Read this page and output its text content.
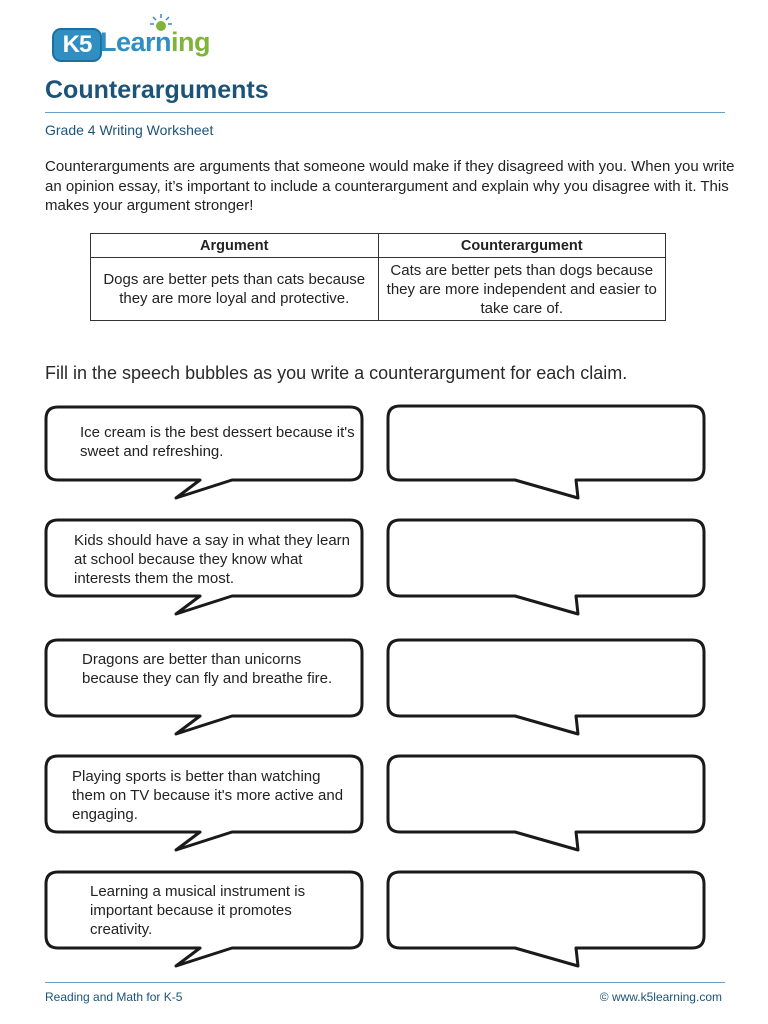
K5 Learning
Counterarguments
Grade 4 Writing Worksheet

Counterarguments are arguments that someone would make if they disagreed with you. When you write an opinion essay, it’s important to include a counterargument and explain why you disagree with it. This makes your argument stronger!

Argument	Counterargument
Dogs are better pets than cats because they are more loyal and protective.	Cats are better pets than dogs because they are more independent and easier to take care of.

Fill in the speech bubbles as you write a counterargument for each claim.

Ice cream is the best dessert because it's sweet and refreshing.

Kids should have a say in what they learn at school because they know what interests them the most.

Dragons are better than unicorns because they can fly and breathe fire.

Playing sports is better than watching them on TV because it's more active and engaging.

Learning a musical instrument is important because it promotes creativity.

Reading and Math for K-5	© www.k5learning.com
